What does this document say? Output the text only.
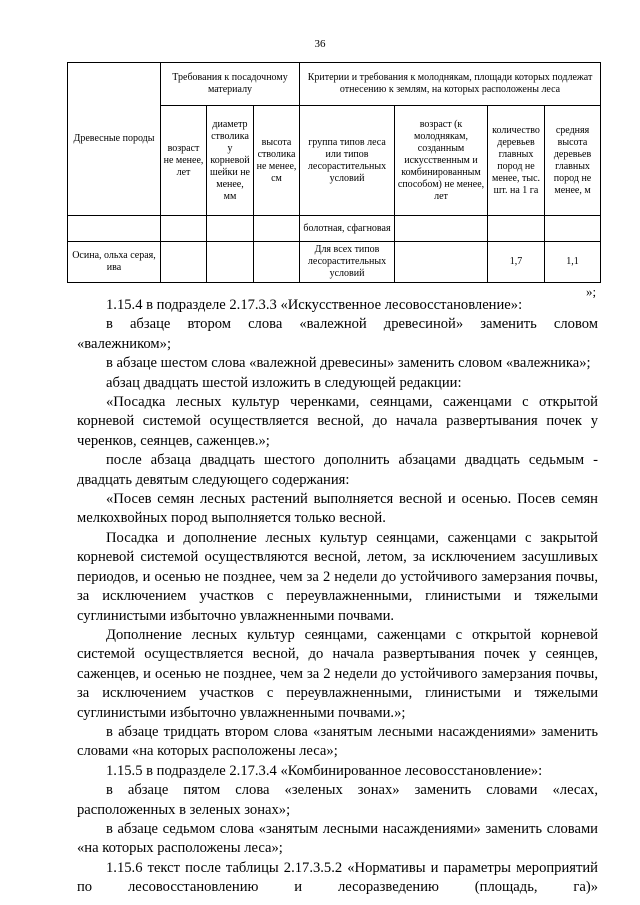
36
Древесные породы	Требования к посадочному материалу			Критерии и требования к молоднякам, площади которых подлежат отнесению к землям, на которых расположены леса			
	возраст не менее, лет	диаметр стволика у корневой шейки не менее, мм	высота стволика не менее, см	группа типов леса или типов лесорастительных условий	возраст (к молоднякам, созданным искусственным и комбинированным способом) не менее, лет	количество деревьев главных пород не менее, тыс. шт. на 1 га	средняя высота деревьев главных пород не менее, м
				болотная, сфагновая			
Осина, ольха серая, ива				Для всех типов лесорастительных условий		1,7	1,1
»;

1.15.4 в подразделе 2.17.3.3 «Искусственное лесовосстановление»:

в абзаце втором слова «валежной древесиной» заменить словом «валежником»;

в абзаце шестом слова «валежной древесины» заменить словом «валежника»;

абзац двадцать шестой изложить в следующей редакции:

«Посадка лесных культур черенками, сеянцами, саженцами с открытой корневой системой осуществляется весной, до начала развертывания почек у черенков, сеянцев, саженцев.»;

после абзаца двадцать шестого дополнить абзацами двадцать седьмым - двадцать девятым следующего содержания:

«Посев семян лесных растений выполняется весной и осенью. Посев семян мелкохвойных пород выполняется только весной.

Посадка и дополнение лесных культур сеянцами, саженцами с закрытой корневой системой осуществляются весной, летом, за исключением засушливых периодов, и осенью не позднее, чем за 2 недели до устойчивого замерзания почвы, за исключением участков с переувлажненными, глинистыми и тяжелыми суглинистыми избыточно увлажненными почвами.

Дополнение лесных культур сеянцами, саженцами с открытой корневой системой осуществляется весной, до начала развертывания почек у сеянцев, саженцев, и осенью не позднее, чем за 2 недели до устойчивого замерзания почвы, за исключением участков с переувлажненными, глинистыми и тяжелыми суглинистыми избыточно увлажненными почвами.»;

в абзаце тридцать втором слова «занятым лесными насаждениями» заменить словами «на которых расположены леса»;

1.15.5 в подразделе 2.17.3.4 «Комбинированное лесовосстановление»:

в абзаце пятом слова «зеленых зонах» заменить словами «лесах, расположенных в зеленых зонах»;

в абзаце седьмом слова «занятым лесными насаждениями» заменить словами «на которых расположены леса»;

1.15.6 текст после таблицы 2.17.3.5.2 «Нормативы и параметры мероприятий по лесовосстановлению и лесоразведению (площадь, га)»
